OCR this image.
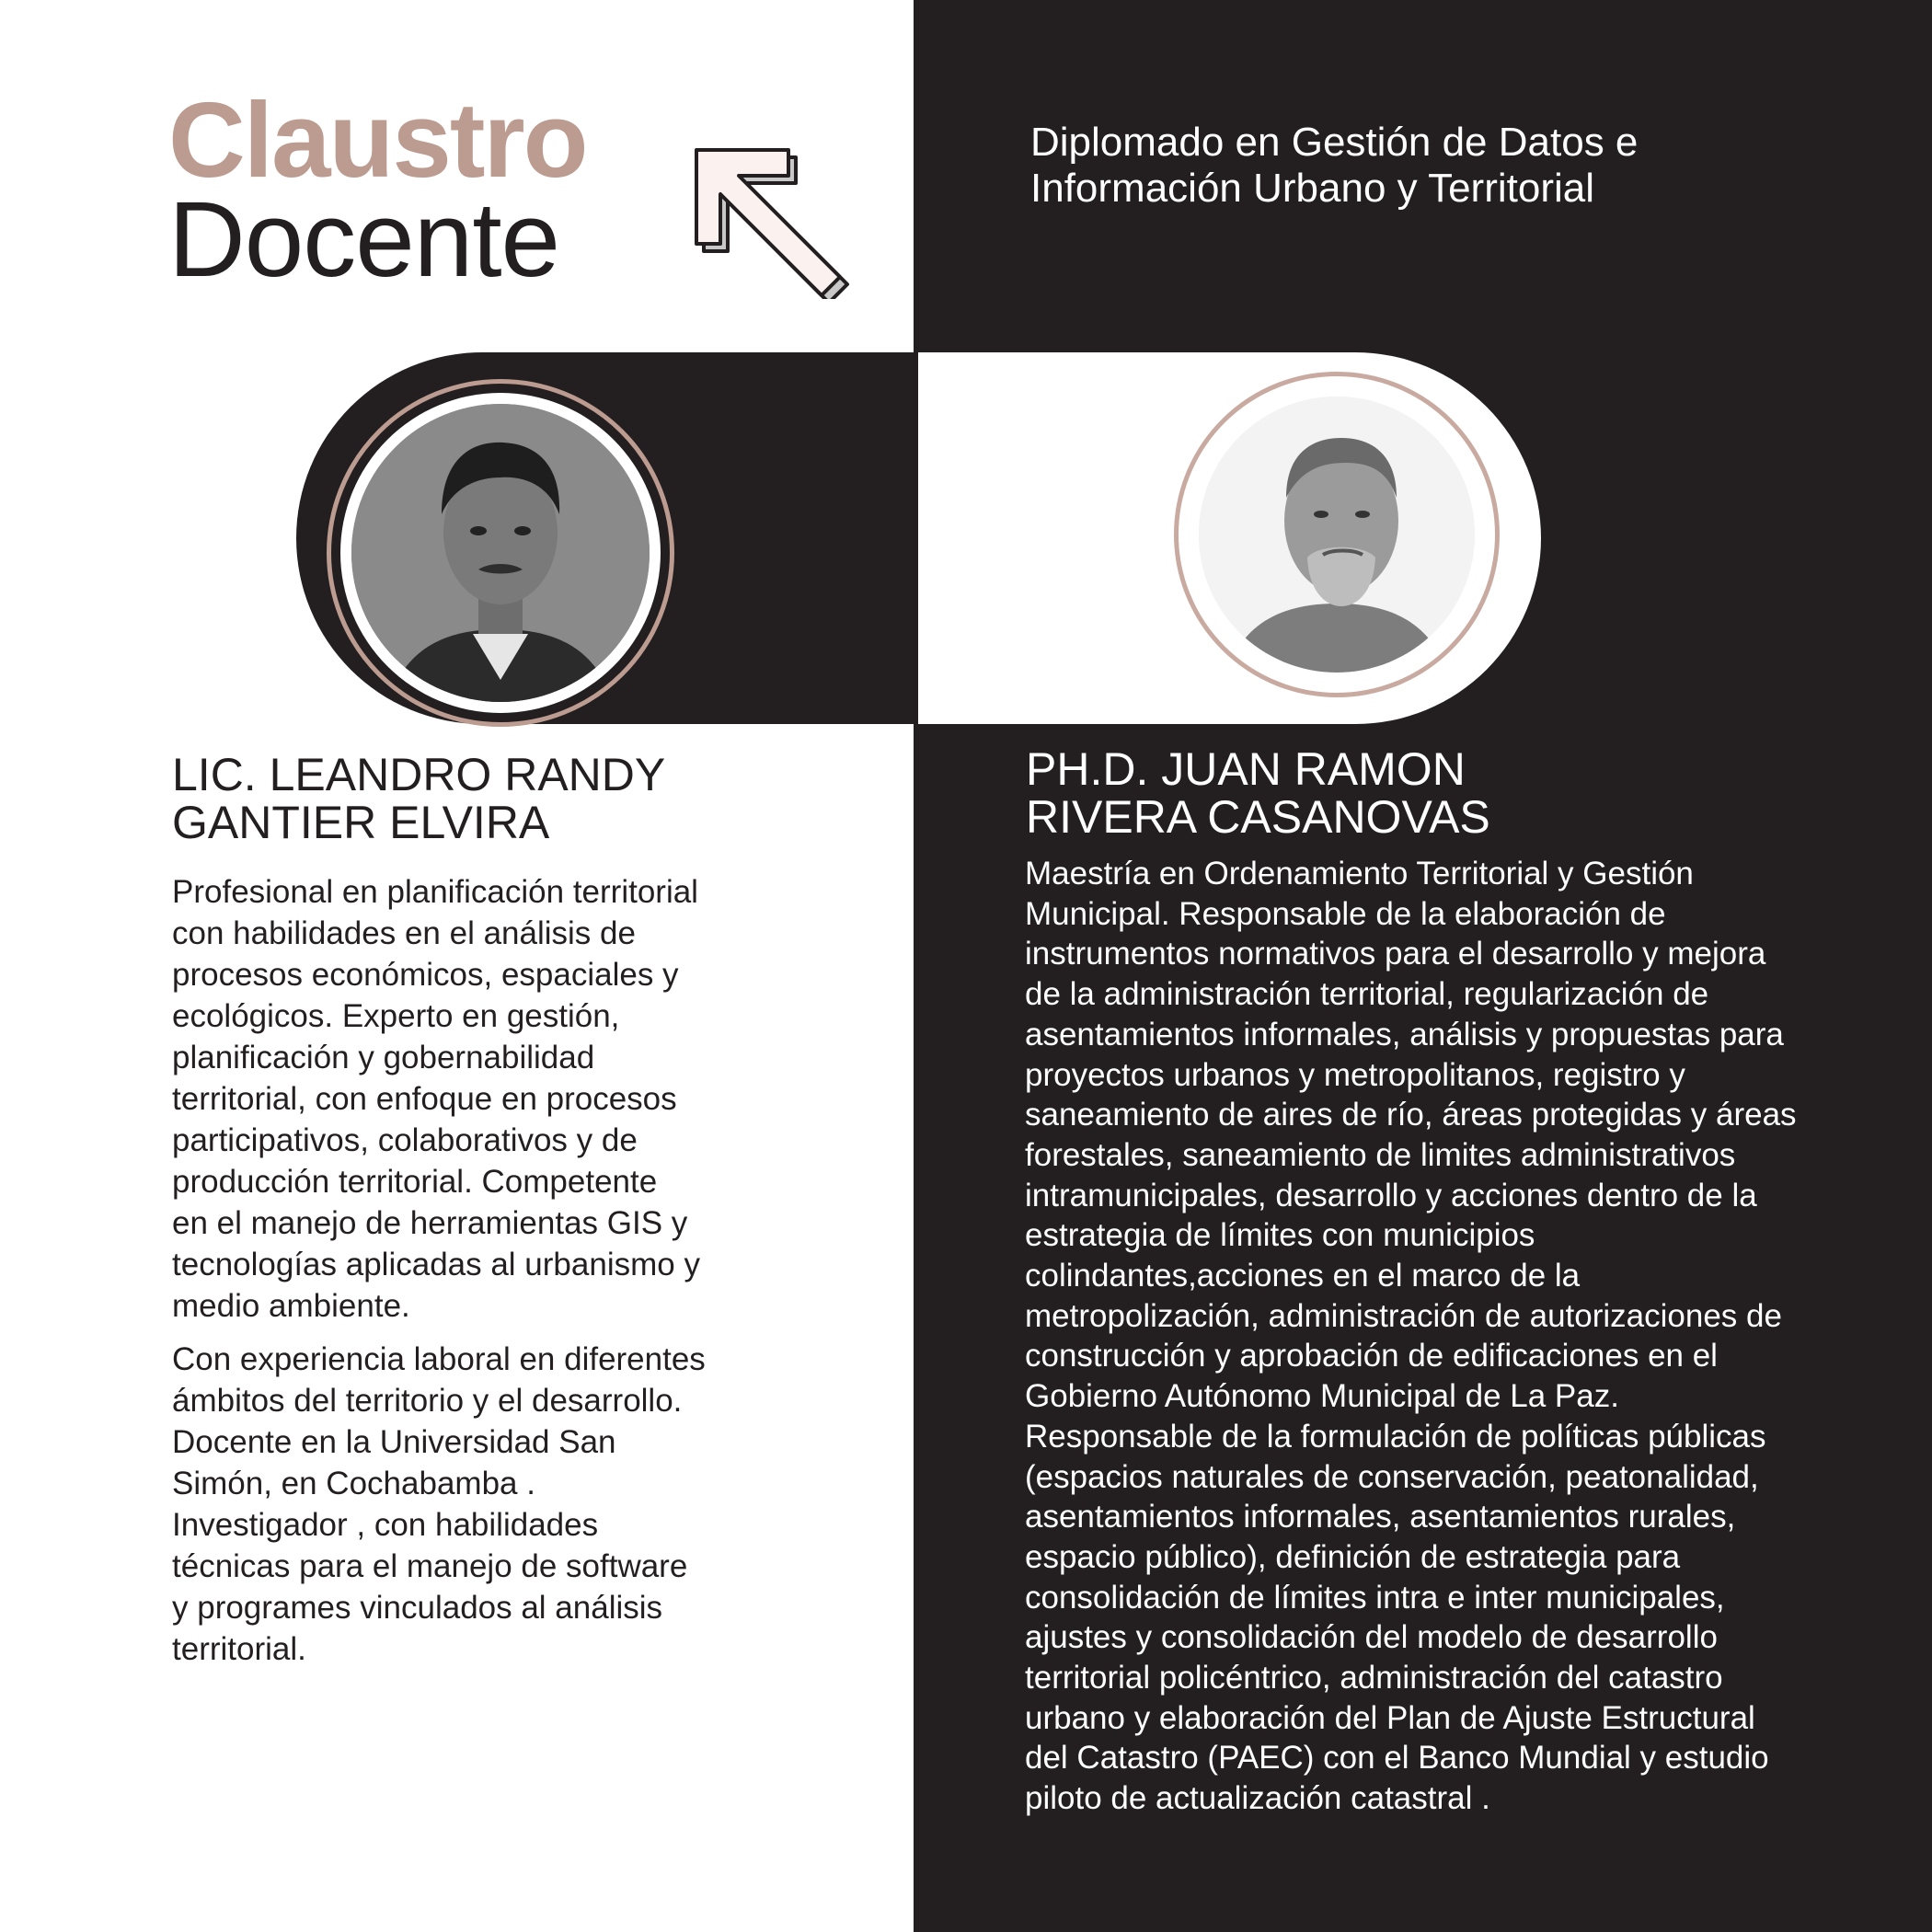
Claustro
Docente
Diplomado en Gestión de Datos e
Información Urbano y Territorial
LIC. LEANDRO RANDY
GANTIER ELVIRA
Profesional en planificación territorial
con habilidades en el análisis de
procesos económicos, espaciales y
ecológicos. Experto en gestión,
planificación y gobernabilidad
territorial, con enfoque en procesos
participativos, colaborativos y de
producción territorial. Competente
en el manejo de herramientas GIS y
tecnologías aplicadas al urbanismo y
medio ambiente.
Con experiencia laboral en diferentes
ámbitos del territorio y el desarrollo.
Docente en la Universidad San
Simón, en Cochabamba .
Investigador , con habilidades
técnicas para el manejo de software
y programes vinculados al análisis
territorial.
PH.D. JUAN RAMON
RIVERA CASANOVAS
Maestría en Ordenamiento Territorial y Gestión
Municipal. Responsable de la elaboración de
instrumentos normativos para el desarrollo y mejora
de la administración territorial, regularización de
asentamientos informales, análisis y propuestas para
proyectos urbanos y metropolitanos, registro y
saneamiento de aires de río, áreas protegidas y áreas
forestales, saneamiento de limites administrativos
intramunicipales, desarrollo y acciones dentro de la
estrategia de límites con municipios
colindantes,acciones en el marco de la
metropolización, administración de autorizaciones de
construcción y aprobación de edificaciones en el
Gobierno Autónomo Municipal de La Paz.
Responsable de la formulación de políticas públicas
(espacios naturales de conservación, peatonalidad,
asentamientos informales, asentamientos rurales,
espacio público), definición de estrategia para
consolidación de límites intra e inter municipales,
ajustes y consolidación del modelo de desarrollo
territorial policéntrico, administración del catastro
urbano y elaboración del Plan de Ajuste Estructural
del Catastro (PAEC) con el Banco Mundial y estudio
piloto de actualización catastral .
